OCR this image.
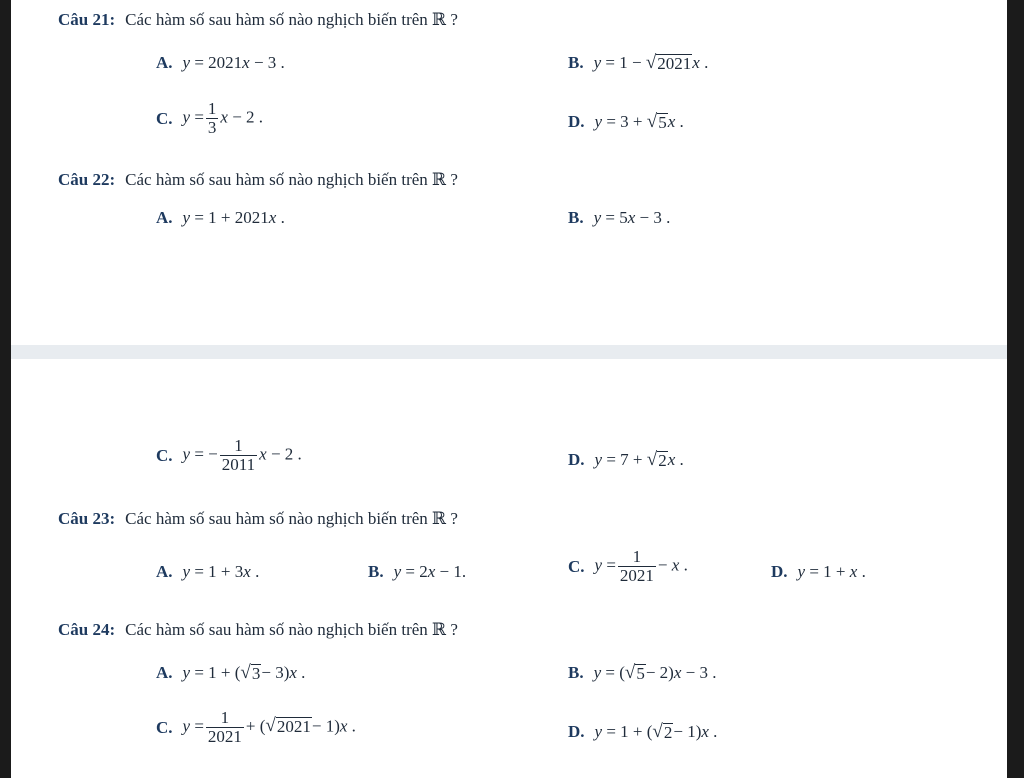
Câu 21: Các hàm số sau hàm số nào nghịch biến trên ℝ ?
A. y = 2021x − 3 .	B. y = 1 − √ 2021 x .
C. $y = \frac{1}{3}$ x − 2 .	D. y = 3 + √ 5 x .
Câu 22: Các hàm số sau hàm số nào nghịch biến trên ℝ ?
A. y = 1 + 2021x .	B. y = 5x − 3 .
C. y = − $\frac{1}{2011}$ x − 2 .	D. y = 7 + √ 2 x .
Câu 23: Các hàm số sau hàm số nào nghịch biến trên ℝ ?
A. y = 1 + 3x .	B. y = 2x − 1.	C. $y = \frac{1}{2021} - x$ .	D. y = 1 + x .
Câu 24: Các hàm số sau hàm số nào nghịch biến trên ℝ ?
A. y = 1 + ( √ 3 − 3)x .	B. y = ( √ 5 − 2)x − 3 .
C. $y = \frac{1}{2021}$ + ( √ 2021 − 1)x .	D. y = 1 + ( √ 2 − 1)x .
